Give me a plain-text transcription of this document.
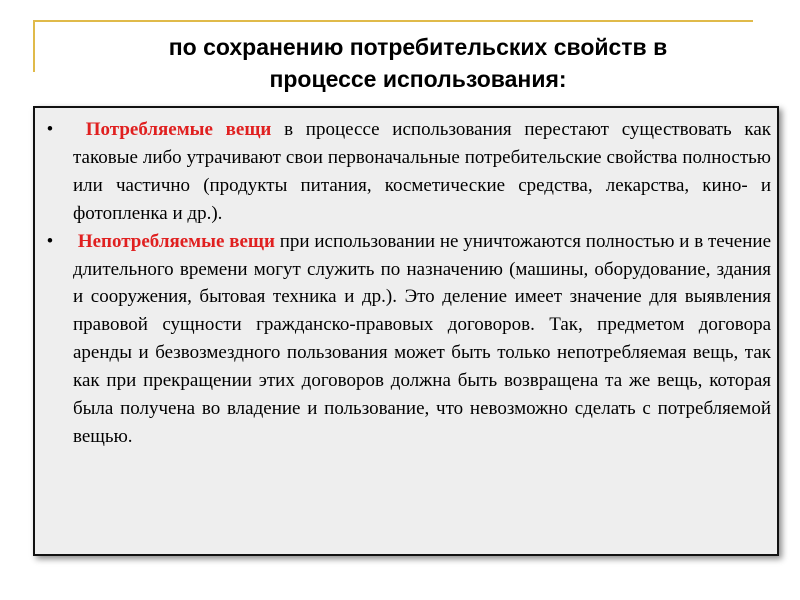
по сохранению потребительских свойств в
процессе использования:
•	Потребляемые вещи в процессе использования перестают существовать как таковые либо утрачивают свои первоначальные потребительские свойства полностью или частично (продукты питания, косметические средства, лекарства, кино- и фотопленка и др.).
•	Непотребляемые вещи при использовании не уничтожаются полностью и в течение длительного времени могут служить по назначению (машины, оборудование, здания и сооружения, бытовая техника и др.). Это деление имеет значение для выявления правовой сущности гражданско-правовых договоров. Так, предметом договора аренды и безвозмездного пользования может быть только непотребляемая вещь, так как при прекращении этих договоров должна быть возвращена та же вещь, которая была получена во владение и пользование, что невозможно сделать с потребляемой вещью.
